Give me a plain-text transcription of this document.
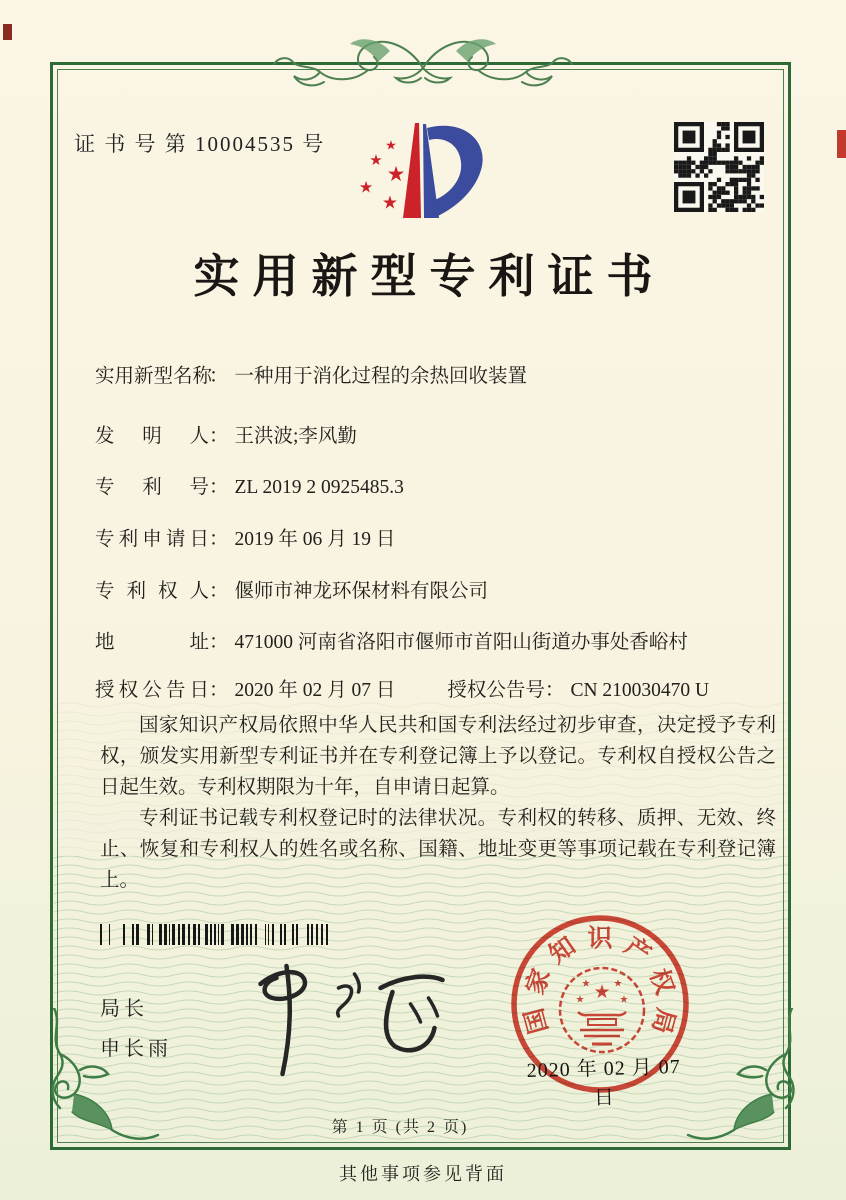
证 书 号 第 10004535 号	★
★
★
★
★
实用新型专利证书
实用新型名称： 一种用于消化过程的余热回收装置
发明人： 王洪波;李风勤
专利号： ZL 2019 2 0925485.3
专利申请日： 2019 年 06 月 19 日
专利权人： 偃师市神龙环保材料有限公司
地址： 471000 河南省洛阳市偃师市首阳山街道办事处香峪村
授权公告日： 2020 年 02 月 07 日	授权公告号： CN 210030470 U

国家知识产权局依照中华人民共和国专利法经过初步审查，决定授予专利权，颁发实用新型专利证书并在专利登记簿上予以登记。专利权自授权公告之日起生效。专利权期限为十年，自申请日起算。

专利证书记载专利权登记时的法律状况。专利权的转移、质押、无效、终止、恢复和专利权人的姓名或名称、国籍、地址变更等事项记载在专利登记簿上。

局长
申长雨
国
家
知 识 产
权
局
★
★ ★
★	★
2020 年 02 月 07 日
第 1 页 (共 2 页)
其他事项参见背面
